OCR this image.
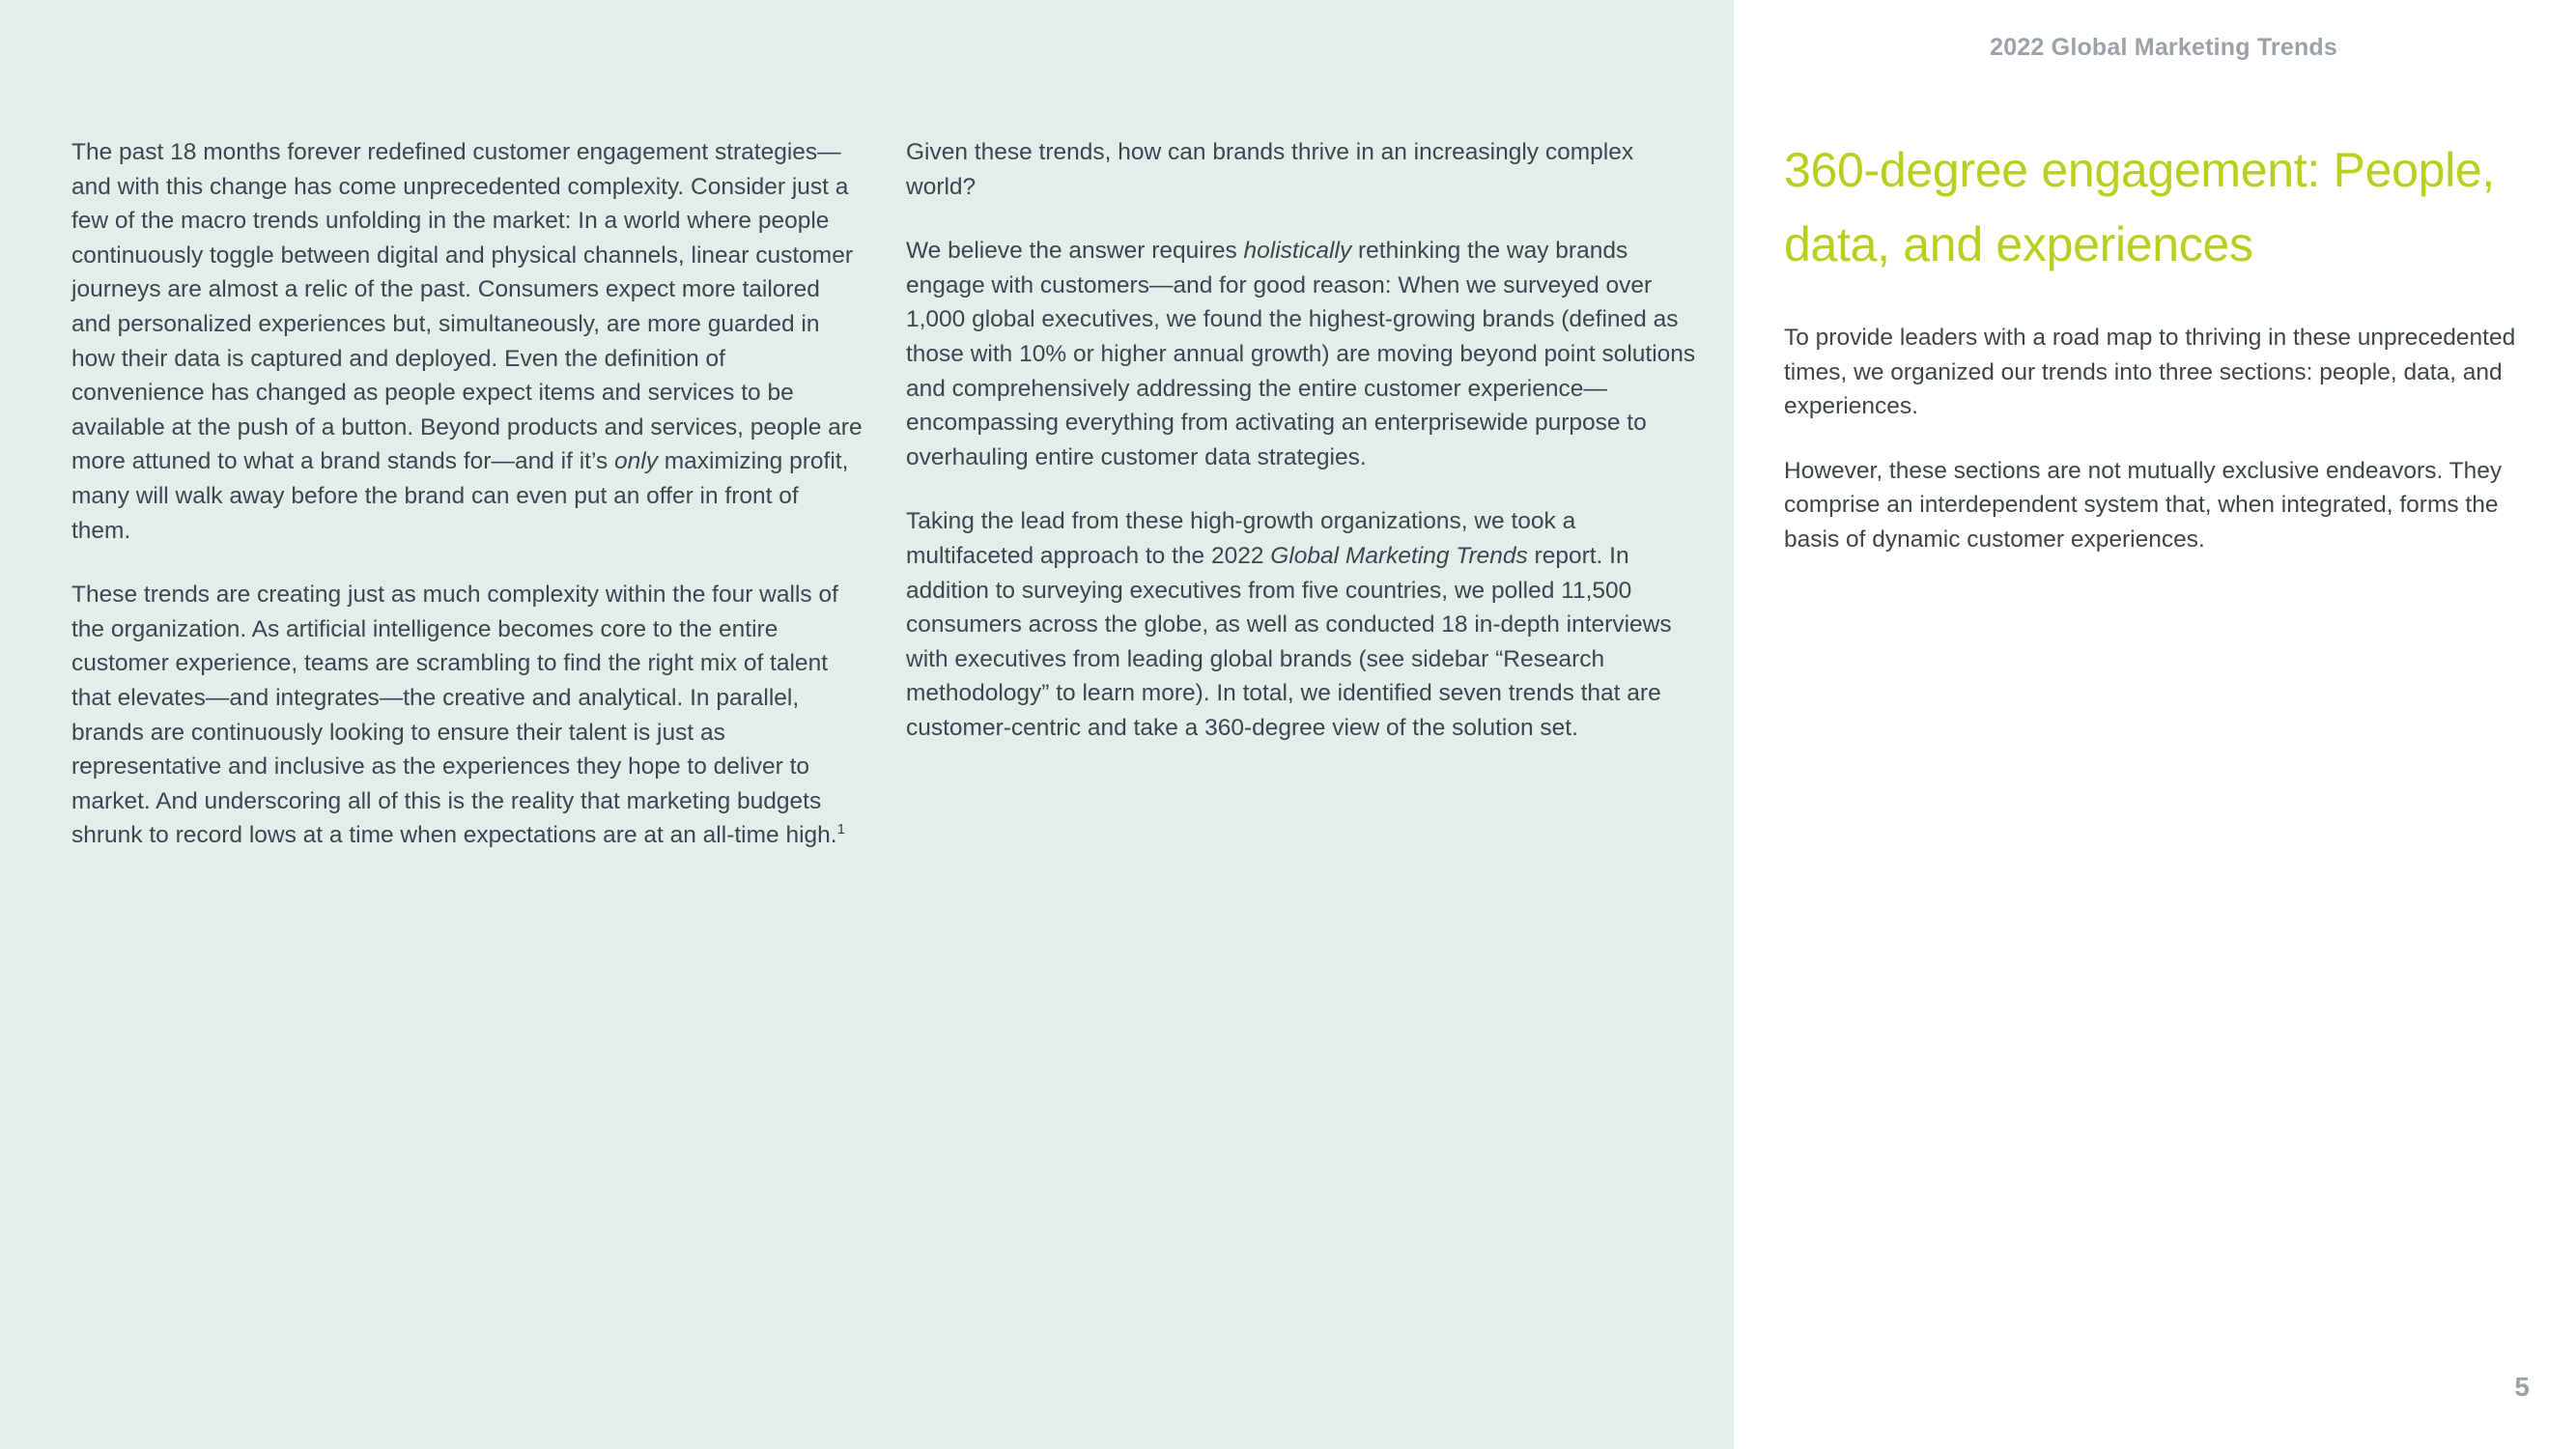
2022 Global Marketing Trends

The past 18 months forever redefined customer engagement strategies—and with this change has come unprecedented complexity. Consider just a few of the macro trends unfolding in the market: In a world where people continuously toggle between digital and physical channels, linear customer journeys are almost a relic of the past. Consumers expect more tailored and personalized experiences but, simultaneously, are more guarded in how their data is captured and deployed. Even the definition of convenience has changed as people expect items and services to be available at the push of a button. Beyond products and services, people are more attuned to what a brand stands for—and if it’s only maximizing profit, many will walk away before the brand can even put an offer in front of them.

These trends are creating just as much complexity within the four walls of the organization. As artificial intelligence becomes core to the entire customer experience, teams are scrambling to find the right mix of talent that elevates—and integrates—the creative and analytical. In parallel, brands are continuously looking to ensure their talent is just as representative and inclusive as the experiences they hope to deliver to market. And underscoring all of this is the reality that marketing budgets shrunk to record lows at a time when expectations are at an all-time high.$^1$

Given these trends, how can brands thrive in an increasingly complex world?

We believe the answer requires holistically rethinking the way brands engage with customers—and for good reason: When we surveyed over 1,000 global executives, we found the highest-growing brands (defined as those with 10% or higher annual growth) are moving beyond point solutions and comprehensively addressing the entire customer experience—encompassing everything from activating an enterprisewide purpose to overhauling entire customer data strategies.

Taking the lead from these high-growth organizations, we took a multifaceted approach to the 2022 Global Marketing Trends report. In addition to surveying executives from five countries, we polled 11,500 consumers across the globe, as well as conducted 18 in-depth interviews with executives from leading global brands (see sidebar “Research methodology” to learn more). In total, we identified seven trends that are customer-centric and take a 360-degree view of the solution set.

360-degree engagement: People, data, and experiences

To provide leaders with a road map to thriving in these unprecedented times, we organized our trends into three sections: people, data, and experiences.

However, these sections are not mutually exclusive endeavors. They comprise an interdependent system that, when integrated, forms the basis of dynamic customer experiences.

5
